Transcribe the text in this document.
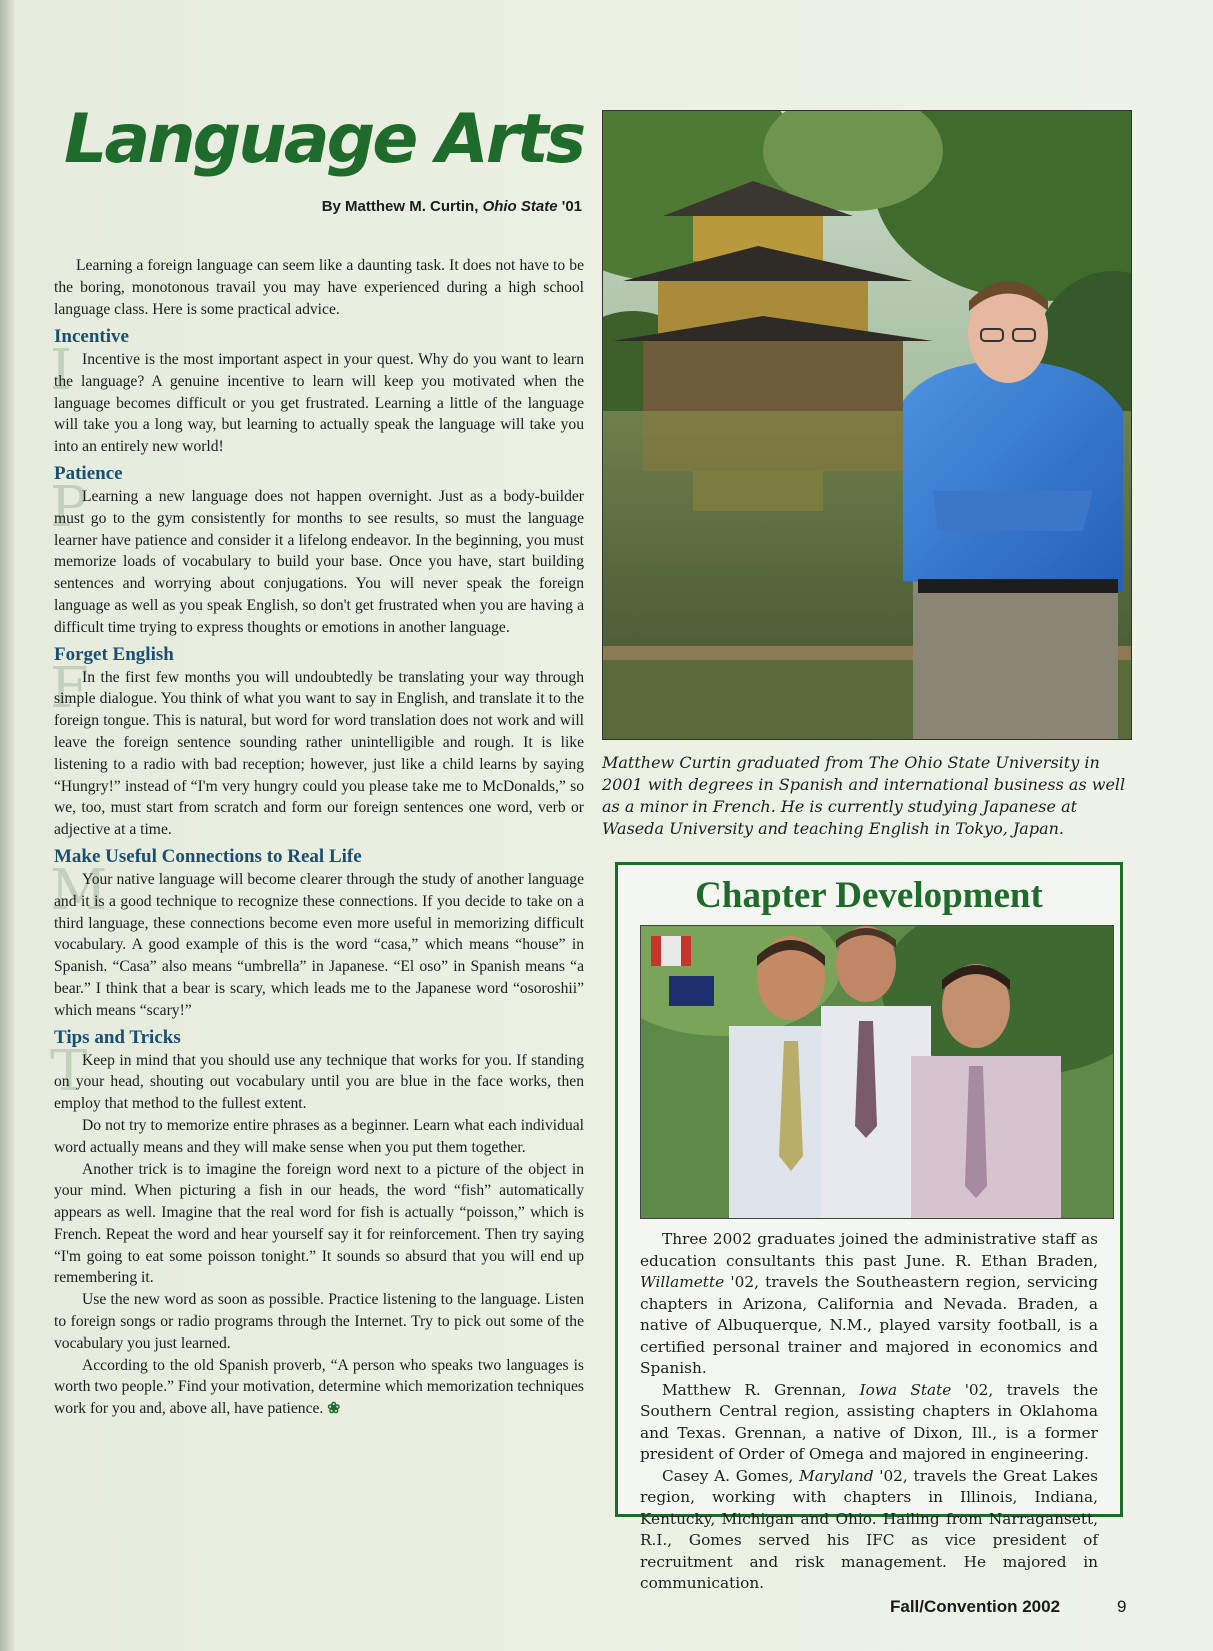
Language Arts
By Matthew M. Curtin, Ohio State '01

Learning a foreign language can seem like a daunting task. It does not have to be the boring, monotonous travail you may have experienced during a high school language class. Here is some practical advice.

I
Incentive

Incentive is the most important aspect in your quest. Why do you want to learn the language? A genuine incentive to learn will keep you motivated when the language becomes difficult or you get frustrated. Learning a little of the language will take you a long way, but learning to actually speak the language will take you into an entirely new world!

P
Patience

Learning a new language does not happen overnight. Just as a body-builder must go to the gym consistently for months to see results, so must the language learner have patience and consider it a lifelong endeavor. In the beginning, you must memorize loads of vocabulary to build your base. Once you have, start building sentences and worrying about conjugations. You will never speak the foreign language as well as you speak English, so don't get frustrated when you are having a difficult time trying to express thoughts or emotions in another language.

F
Forget English

In the first few months you will undoubtedly be translating your way through simple dialogue. You think of what you want to say in English, and translate it to the foreign tongue. This is natural, but word for word translation does not work and will leave the foreign sentence sounding rather unintelligible and rough. It is like listening to a radio with bad reception; however, just like a child learns by saying “Hungry!” instead of “I'm very hungry could you please take me to McDonalds,” so we, too, must start from scratch and form our foreign sentences one word, verb or adjective at a time.

M
Make Useful Connections to Real Life

Your native language will become clearer through the study of another language and it is a good technique to recognize these connections. If you decide to take on a third language, these connections become even more useful in memorizing difficult vocabulary. A good example of this is the word “casa,” which means “house” in Spanish. “Casa” also means “umbrella” in Japanese. “El oso” in Spanish means “a bear.” I think that a bear is scary, which leads me to the Japanese word “osoroshii” which means “scary!”

T
Tips and Tricks

Keep in mind that you should use any technique that works for you. If standing on your head, shouting out vocabulary until you are blue in the face works, then employ that method to the fullest extent.

Do not try to memorize entire phrases as a beginner. Learn what each individual word actually means and they will make sense when you put them together.

Another trick is to imagine the foreign word next to a picture of the object in your mind. When picturing a fish in our heads, the word “fish” automatically appears as well. Imagine that the real word for fish is actually “poisson,” which is French. Repeat the word and hear yourself say it for reinforcement. Then try saying “I'm going to eat some poisson tonight.” It sounds so absurd that you will end up remembering it.

Use the new word as soon as possible. Practice listening to the language. Listen to foreign songs or radio programs through the Internet. Try to pick out some of the vocabulary you just learned.

According to the old Spanish proverb, “A person who speaks two languages is worth two people.” Find your motivation, determine which memorization techniques work for you and, above all, have patience. ❀

Matthew Curtin graduated from The Ohio State University in 2001 with degrees in Spanish and international business as well as a minor in French. He is currently studying Japanese at Waseda University and teaching English in Tokyo, Japan.

Chapter Development

Three 2002 graduates joined the administrative staff as education consultants this past June. R. Ethan Braden, Willamette '02, travels the Southeastern region, servicing chapters in Arizona, California and Nevada. Braden, a native of Albuquerque, N.M., played varsity football, is a certified personal trainer and majored in economics and Spanish.

Matthew R. Grennan, Iowa State '02, travels the Southern Central region, assisting chapters in Oklahoma and Texas. Grennan, a native of Dixon, Ill., is a former president of Order of Omega and majored in engineering.

Casey A. Gomes, Maryland '02, travels the Great Lakes region, working with chapters in Illinois, Indiana, Kentucky, Michigan and Ohio. Hailing from Narragansett, R.I., Gomes served his IFC as vice president of recruitment and risk management. He majored in communication.

Fall/Convention 2002	9
